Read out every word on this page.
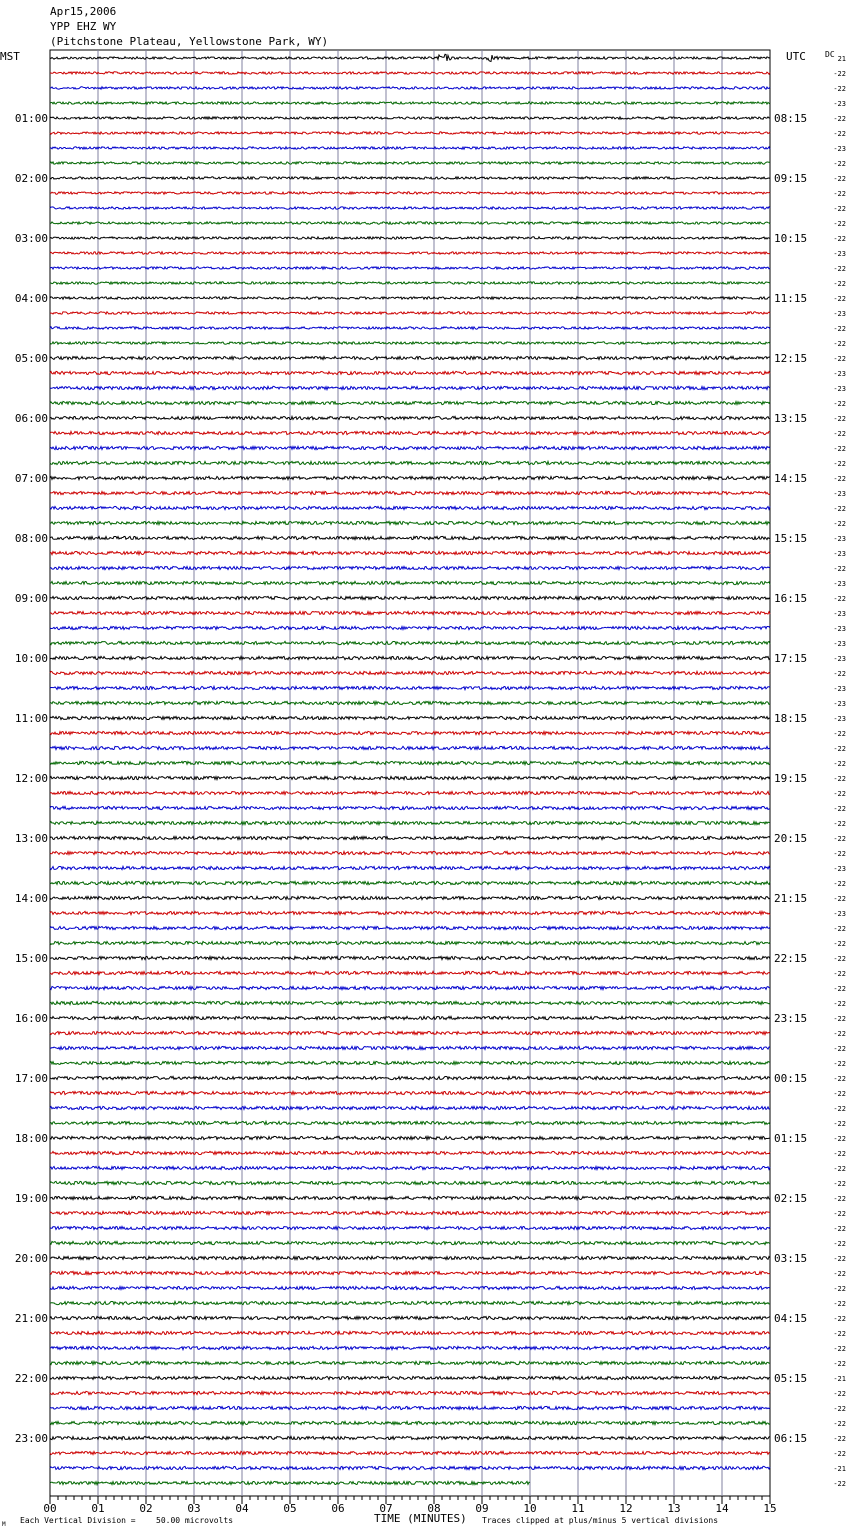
Apr15,2006
YPP EHZ WY
(Pitchstone Plateau, Yellowstone Park, WY)
MST	UTC DC
01:00
02:00
03:00
04:00
05:00
06:00
07:00
08:00
09:00
10:00
11:00
12:00
13:00
14:00
15:00
16:00
17:00
18:00
19:00
20:00
21:00
22:00
23:00
08:15
09:15
10:15
11:15
12:15
13:15
14:15
15:15
16:15
17:15
18:15
19:15
20:15
21:15
22:15
23:15
00:15
01:15
02:15
03:15
04:15
05:15
06:15
21
-22
-22
-23
-22
-22
-23
-22
-22
-22
-22
-22
-22
-23
-22
-22
-22
-23
-22
-22
-22
-23
-23
-22
-22
-22
-22
-22
-22
-23
-22
-22
-23
-23
-22
-23
-22
-23
-23
-23
-23
-22
-23
-23
-23
-22
-22
-22
-22
-22
-22
-22
-22
-22
-23
-22
-22
-23
-22
-22
-22
-22
-22
-22
-22
-22
-22
-22
-22
-22
-22
-22
-22
-22
-22
-22
-22
-22
-22
-22
-22
-22
-22
-22
-22
-22
-22
-22
-21
-22
-22
-22
-22
-22
-21
-22
00	01	02	03	04	05	06	07	08	09	10	11	12	13	14	15
M Each Vertical Division =	50.00 microvolts	TIME (MINUTES) Traces clipped at plus/minus 5 vertical divisions
